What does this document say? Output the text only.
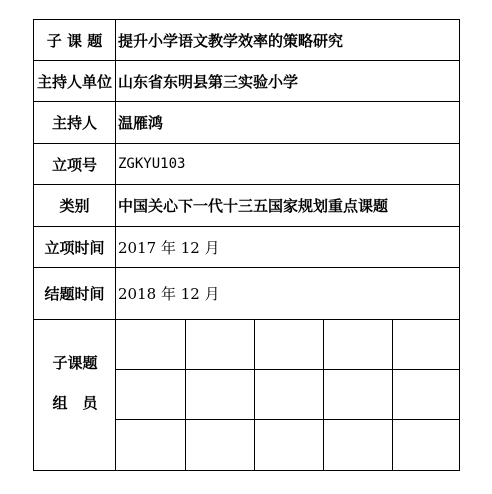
子 课 题	提升小学语文教学效率的策略研究
主持人单位 山东省东明县第三实验小学
主持人	温雁鸿
立项号	ZGKYU103
类别	中国关心下一代十三五国家规划重点课题
立项时间 2017 年 12 月
结题时间 2018 年 12 月
子课题
组　员
